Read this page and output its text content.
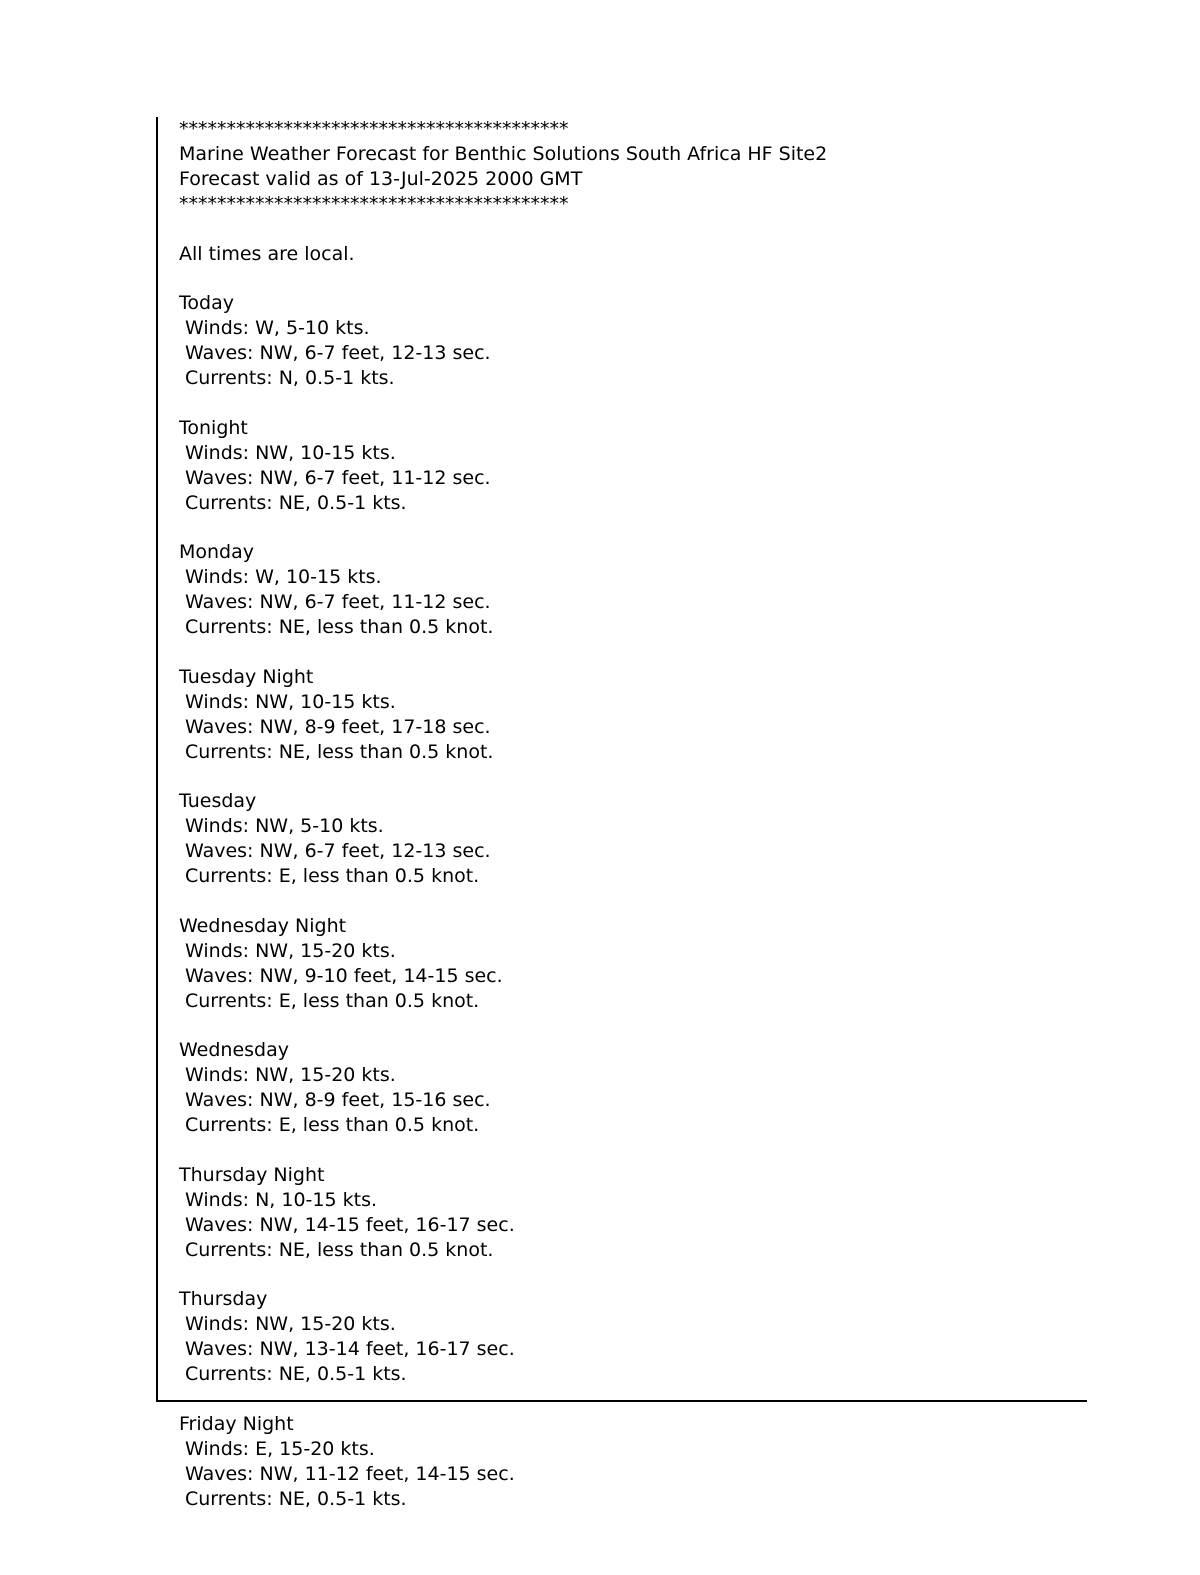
*****************************************
Marine Weather Forecast for Benthic Solutions South Africa HF Site2
Forecast valid as of 13-Jul-2025 2000 GMT
*****************************************
All times are local.
Today
Winds: W, 5-10 kts.
Waves: NW, 6-7 feet, 12-13 sec.
Currents: N, 0.5-1 kts.
Tonight
Winds: NW, 10-15 kts.
Waves: NW, 6-7 feet, 11-12 sec.
Currents: NE, 0.5-1 kts.
Monday
Winds: W, 10-15 kts.
Waves: NW, 6-7 feet, 11-12 sec.
Currents: NE, less than 0.5 knot.
Tuesday Night
Winds: NW, 10-15 kts.
Waves: NW, 8-9 feet, 17-18 sec.
Currents: NE, less than 0.5 knot.
Tuesday
Winds: NW, 5-10 kts.
Waves: NW, 6-7 feet, 12-13 sec.
Currents: E, less than 0.5 knot.
Wednesday Night
Winds: NW, 15-20 kts.
Waves: NW, 9-10 feet, 14-15 sec.
Currents: E, less than 0.5 knot.
Wednesday
Winds: NW, 15-20 kts.
Waves: NW, 8-9 feet, 15-16 sec.
Currents: E, less than 0.5 knot.
Thursday Night
Winds: N, 10-15 kts.
Waves: NW, 14-15 feet, 16-17 sec.
Currents: NE, less than 0.5 knot.
Thursday
Winds: NW, 15-20 kts.
Waves: NW, 13-14 feet, 16-17 sec.
Currents: NE, 0.5-1 kts.
Friday Night
Winds: E, 15-20 kts.
Waves: NW, 11-12 feet, 14-15 sec.
Currents: NE, 0.5-1 kts.
